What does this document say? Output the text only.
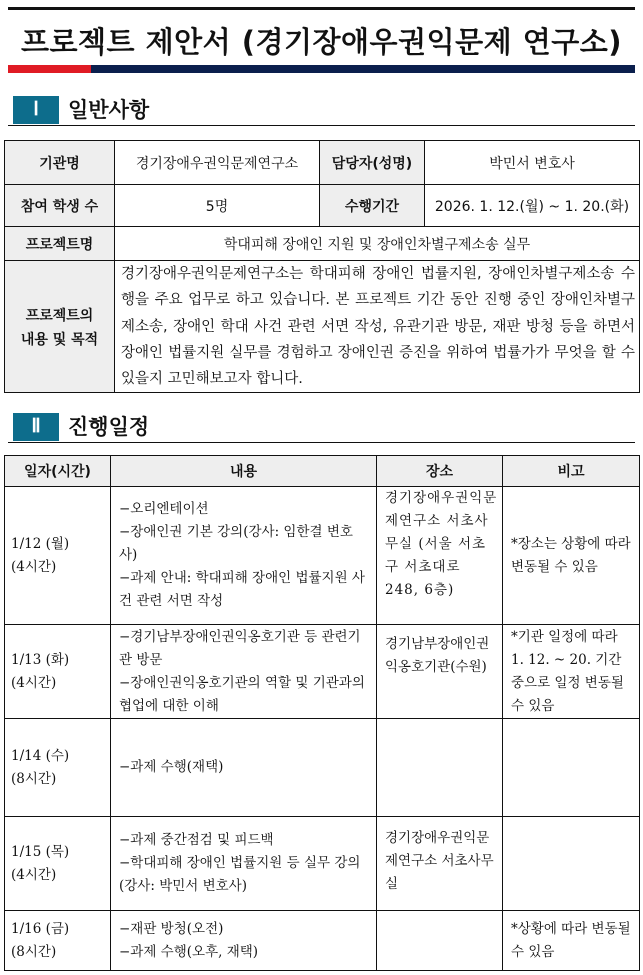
프로젝트 제안서 (경기장애우권익문제 연구소)
Ⅰ	일반사항
기관명	경기장애우권익문제연구소	담당자(성명)	박민서 변호사
참여 학생 수	5명	수행기간	2026. 1. 12.(월) ~ 1. 20.(화)
프로젝트명	학대피해 장애인 지원 및 장애인차별구제소송 실무		

프로젝트의
내용 및 목적	경기장애우권익문제연구소는 학대피해 장애인 법률지원, 장애인차별구제소송 수행을 주요 업무로 하고 있습니다. 본 프로젝트 기간 동안 진행 중인 장애인차별구제소송, 장애인 학대 사건 관련 서면 작성, 유관기관 방문, 재판 방청 등을 하면서 장애인 법률지원 실무를 경험하고 장애인권 증진을 위하여 법률가가 무엇을 할 수 있을지 고민해보고자 합니다.		
Ⅱ	진행일정
일자(시간)	내용	장소	비고

1/12 (월)
(4시간)	−오리엔테이션
−장애인권 기본 강의(강사: 임한결 변호사)
−과제 안내: 학대피해 장애인 법률지원 사건 관련 서면 작성	경기장애우권익문제연구소 서초사무실 (서울 서초구 서초대로 248, 6층)	*장소는 상황에 따라 변동될 수 있음

1/13 (화)
(4시간)	−경기남부장애인권익옹호기관 등 관련기관 방문
−장애인권익옹호기관의 역할 및 기관과의 협업에 대한 이해	경기남부장애인권익옹호기관(수원)	*기관 일정에 따라 1. 12. ~ 20. 기간 중으로 일정 변동될 수 있음

1/14 (수)
(8시간)	−과제 수행(재택)		

1/15 (목)
(4시간)	−과제 중간점검 및 피드백
−학대피해 장애인 법률지원 등 실무 강의(강사: 박민서 변호사)	경기장애우권익문제연구소 서초사무실	

1/16 (금)
(8시간)	−재판 방청(오전)
−과제 수행(오후, 재택)		*상황에 따라 변동될 수 있음
